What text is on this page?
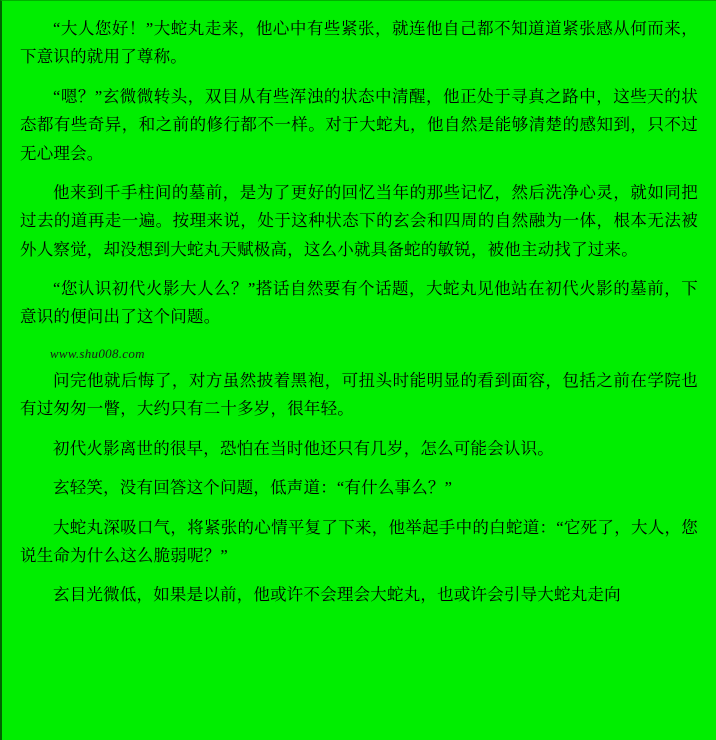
“大人您好！”大蛇丸走来，他心中有些紧张，就连他自己都不知道道紧张感从何而来，下意识的就用了尊称。

“嗯？”玄微微转头，双目从有些浑浊的状态中清醒，他正处于寻真之路中，这些天的状态都有些奇异，和之前的修行都不一样。对于大蛇丸，他自然是能够清楚的感知到，只不过无心理会。

他来到千手柱间的墓前，是为了更好的回忆当年的那些记忆，然后洗净心灵，就如同把过去的道再走一遍。按理来说，处于这种状态下的玄会和四周的自然融为一体，根本无法被外人察觉，却没想到大蛇丸天赋极高，这么小就具备蛇的敏锐，被他主动找了过来。

“您认识初代火影大人么？”搭话自然要有个话题，大蛇丸见他站在初代火影的墓前，下意识的便问出了这个问题。

www.shu008.com

问完他就后悔了，对方虽然披着黑袍，可扭头时能明显的看到面容，包括之前在学院也有过匆匆一瞥，大约只有二十多岁，很年轻。

初代火影离世的很早，恐怕在当时他还只有几岁，怎么可能会认识。

玄轻笑，没有回答这个问题，低声道：“有什么事么？”

大蛇丸深吸口气，将紧张的心情平复了下来，他举起手中的白蛇道：“它死了，大人，您说生命为什么这么脆弱呢？”

玄目光微低，如果是以前，他或许不会理会大蛇丸，也或许会引导大蛇丸走向
